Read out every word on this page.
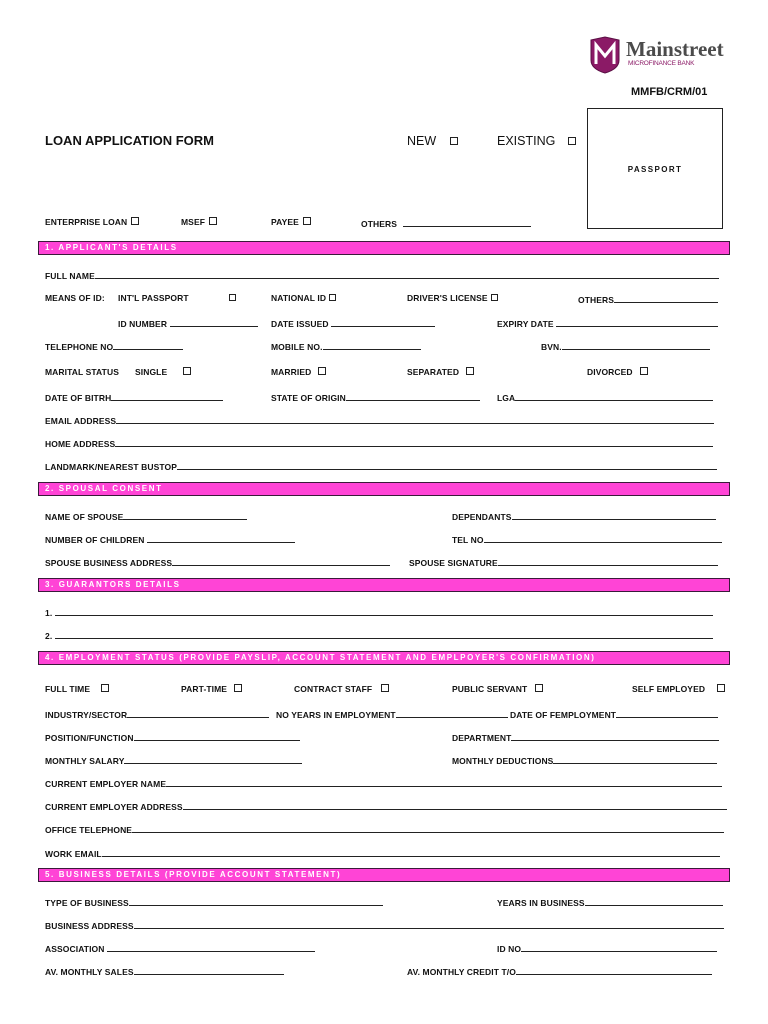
Mainstreet
MICROFINANCE BANK
MMFB/CRM/01
PASSPORT
LOAN APPLICATION FORM	NEW	EXISTING
ENTERPRISE LOAN	MSEF	PAYEE	OTHERS
1. APPLICANT'S DETAILS
FULL NAME
MEANS OF ID: INT'L PASSPORT	NATIONAL ID	DRIVER'S LICENSE	OTHERS
ID NUMBER	DATE ISSUED	EXPIRY DATE
TELEPHONE NO	MOBILE NO.	BVN.
MARITAL STATUS SINGLE	MARRIED	SEPARATED	DIVORCED
DATE OF BITRH	STATE OF ORIGIN	LGA
EMAIL ADDRESS
HOME ADDRESS
LANDMARK/NEAREST BUSTOP
2. SPOUSAL CONSENT
NAME OF SPOUSE	DEPENDANTS
NUMBER OF CHILDREN	TEL NO
SPOUSE BUSINESS ADDRESS	SPOUSE SIGNATURE
3. GUARANTORS DETAILS
1.
2.
4. EMPLOYMENT STATUS (PROVIDE PAYSLIP, ACCOUNT STATEMENT AND EMPLPOYER'S CONFIRMATION)
FULL TIME	PART-TIME	CONTRACT STAFF	PUBLIC SERVANT	SELF EMPLOYED
INDUSTRY/SECTOR	NO YEARS IN EMPLOYMENT	DATE OF FEMPLOYMENT
POSITION/FUNCTION	DEPARTMENT
MONTHLY SALARY	MONTHLY DEDUCTIONS
CURRENT EMPLOYER NAME
CURRENT EMPLOYER ADDRESS
OFFICE TELEPHONE
WORK EMAIL
5. BUSINESS DETAILS (PROVIDE ACCOUNT STATEMENT)
TYPE OF BUSINESS	YEARS IN BUSINESS
BUSINESS ADDRESS
ASSOCIATION	ID NO
AV. MONTHLY SALES	AV. MONTHLY CREDIT T/O
